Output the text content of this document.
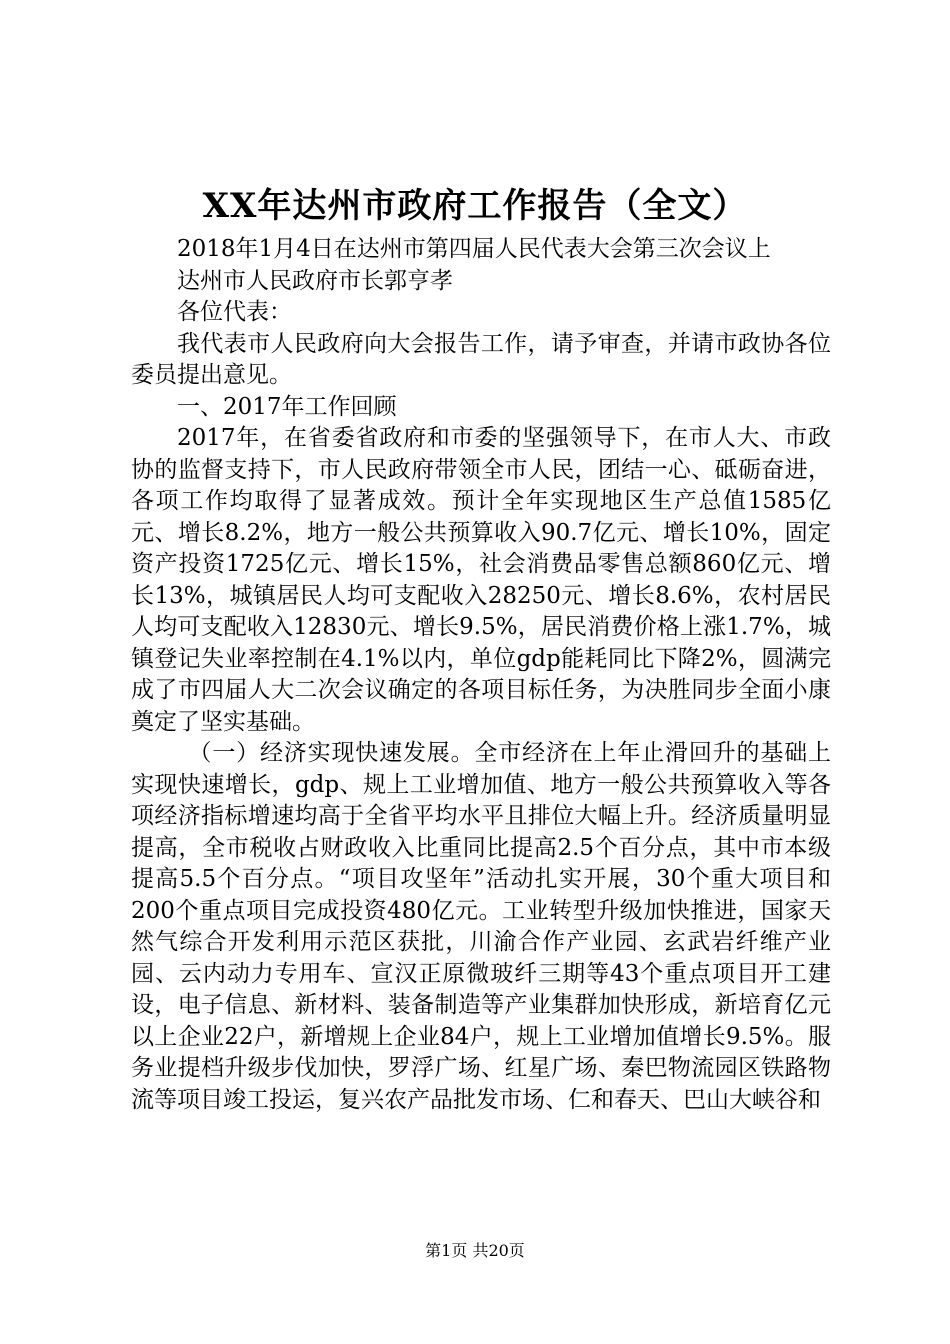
XX年达州市政府工作报告（全文）

2018年1月4日在达州市第四届人民代表大会第三次会议上

达州市人民政府市长郭亨孝

各位代表：

我代表市人民政府向大会报告工作，请予审查，并请市政协各位委员提出意见。

一、2017年工作回顾

2017年，在省委省政府和市委的坚强领导下，在市人大、市政协的监督支持下，市人民政府带领全市人民，团结一心、砥砺奋进，各项工作均取得了显著成效。预计全年实现地区生产总值1585亿元、增长8.2%，地方一般公共预算收入90.7亿元、增长10%，固定资产投资1725亿元、增长15%，社会消费品零售总额860亿元、增长13%，城镇居民人均可支配收入28250元、增长8.6%，农村居民人均可支配收入12830元、增长9.5%，居民消费价格上涨1.7%，城镇登记失业率控制在4.1%以内，单位gdp能耗同比下降2%，圆满完成了市四届人大二次会议确定的各项目标任务，为决胜同步全面小康奠定了坚实基础。

（一）经济实现快速发展。全市经济在上年止滑回升的基础上实现快速增长，gdp、规上工业增加值、地方一般公共预算收入等各项经济指标增速均高于全省平均水平且排位大幅上升。经济质量明显提高，全市税收占财政收入比重同比提高2.5个百分点，其中市本级提高5.5个百分点。“项目攻坚年”活动扎实开展，30个重大项目和200个重点项目完成投资480亿元。工业转型升级加快推进，国家天然气综合开发利用示范区获批，川渝合作产业园、玄武岩纤维产业园、云内动力专用车、宣汉正原微玻纤三期等43个重点项目开工建设，电子信息、新材料、装备制造等产业集群加快形成，新培育亿元以上企业22户，新增规上企业84户，规上工业增加值增长9.5%。服务业提档升级步伐加快，罗浮广场、红星广场、秦巴物流园区铁路物流等项目竣工投运，复兴农产品批发市场、仁和春天、巴山大峡谷和

第1页 共20页
